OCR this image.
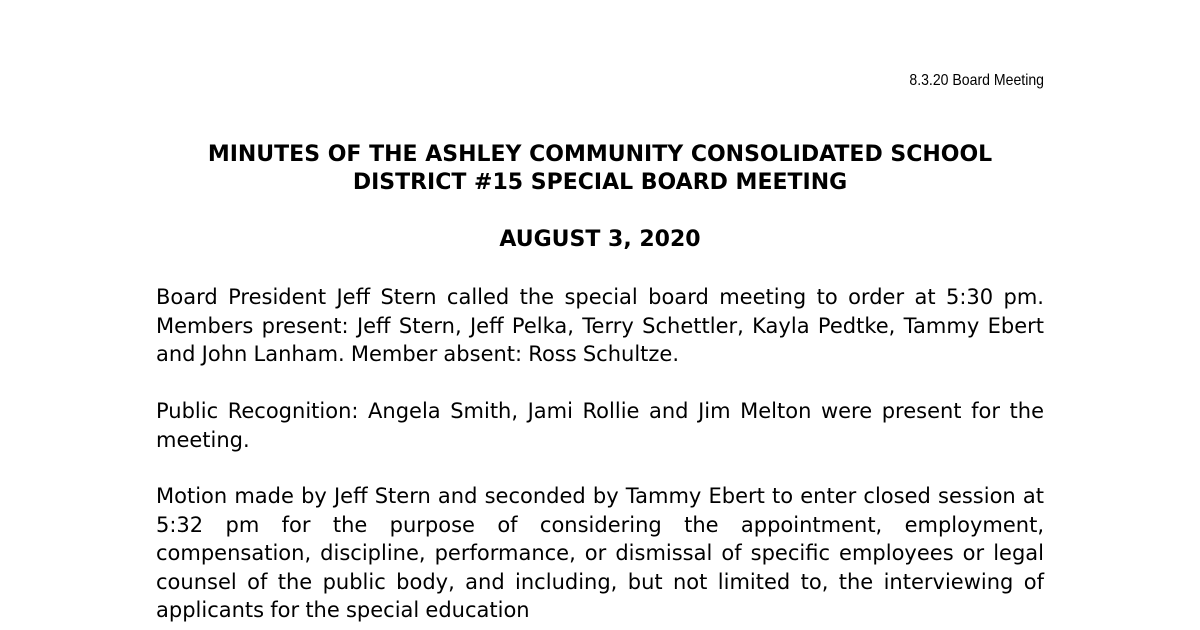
8.3.20 Board Meeting
MINUTES OF THE ASHLEY COMMUNITY CONSOLIDATED SCHOOL DISTRICT #15 SPECIAL BOARD MEETING
AUGUST 3, 2020

Board President Jeff Stern called the special board meeting to order at 5:30 pm. Members present: Jeff Stern, Jeff Pelka, Terry Schettler, Kayla Pedtke, Tammy Ebert and John Lanham. Member absent: Ross Schultze.

Public Recognition: Angela Smith, Jami Rollie and Jim Melton were present for the meeting.

Motion made by Jeff Stern and seconded by Tammy Ebert to enter closed session at 5:32 pm for the purpose of considering the appointment, employment, compensation, discipline, performance, or dismissal of specific employees or legal counsel of the public body, and including, but not limited to, the interviewing of applicants for the special education
